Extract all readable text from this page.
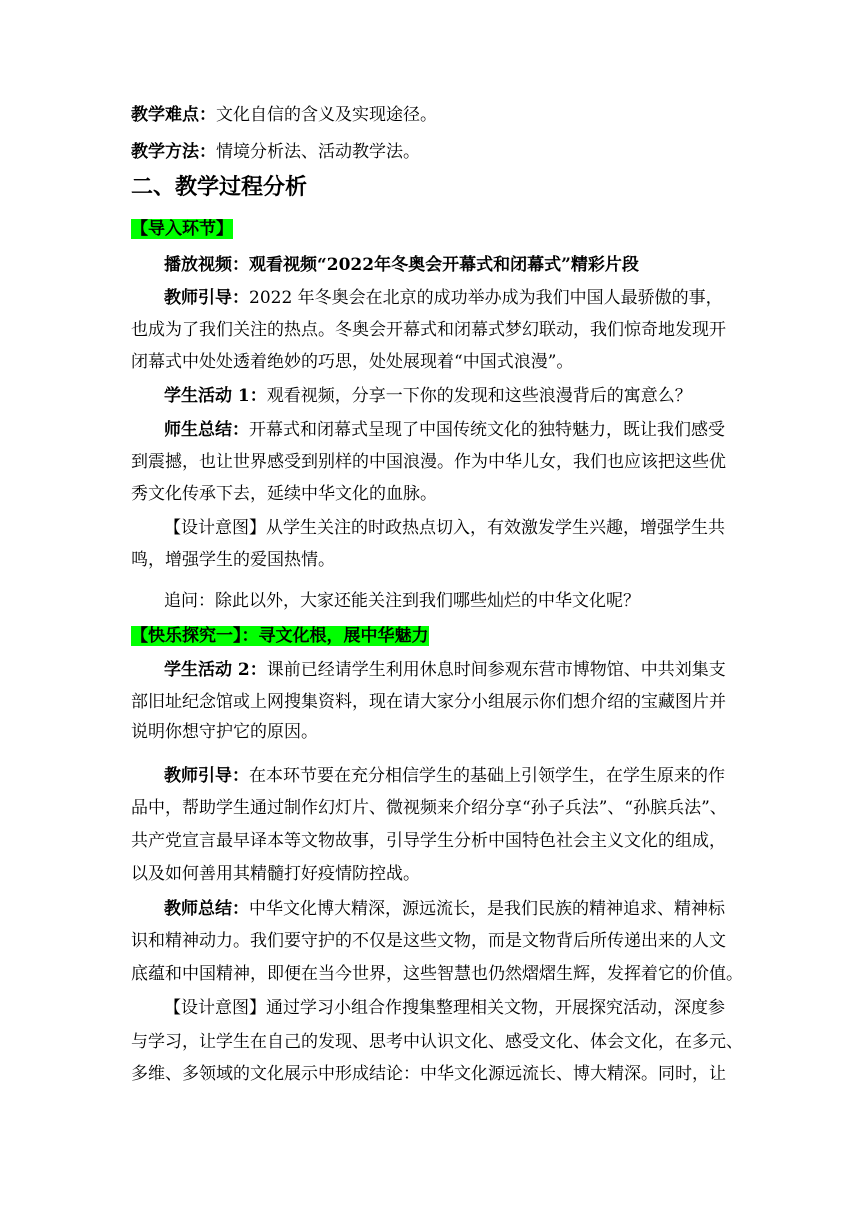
教学难点：文化自信的含义及实现途径。
教学方法：情境分析法、活动教学法。
二、教学过程分析
【导入环节】
播放视频：观看视频“2022年冬奥会开幕式和闭幕式”精彩片段
教师引导：2022 年冬奥会在北京的成功举办成为我们中国人最骄傲的事，
也成为了我们关注的热点。冬奥会开幕式和闭幕式梦幻联动，我们惊奇地发现开
闭幕式中处处透着绝妙的巧思，处处展现着“中国式浪漫”。
学生活动 1：观看视频，分享一下你的发现和这些浪漫背后的寓意么？
师生总结：开幕式和闭幕式呈现了中国传统文化的独特魅力，既让我们感受
到震撼，也让世界感受到别样的中国浪漫。作为中华儿女，我们也应该把这些优
秀文化传承下去，延续中华文化的血脉。
【设计意图】从学生关注的时政热点切入，有效激发学生兴趣，增强学生共
鸣，增强学生的爱国热情。
追问：除此以外，大家还能关注到我们哪些灿烂的中华文化呢？
【快乐探究一】：寻文化根，展中华魅力
学生活动 2：课前已经请学生利用休息时间参观东营市博物馆、中共刘集支
部旧址纪念馆或上网搜集资料，现在请大家分小组展示你们想介绍的宝藏图片并
说明你想守护它的原因。
教师引导：在本环节要在充分相信学生的基础上引领学生，在学生原来的作
品中，帮助学生通过制作幻灯片、微视频来介绍分享“孙子兵法”、“孙膑兵法”、
共产党宣言最早译本等文物故事，引导学生分析中国特色社会主义文化的组成，
以及如何善用其精髓打好疫情防控战。
教师总结：中华文化博大精深，源远流长，是我们民族的精神追求、精神标
识和精神动力。我们要守护的不仅是这些文物，而是文物背后所传递出来的人文
底蕴和中国精神，即便在当今世界，这些智慧也仍然熠熠生辉，发挥着它的价值。
【设计意图】通过学习小组合作搜集整理相关文物，开展探究活动，深度参
与学习，让学生在自己的发现、思考中认识文化、感受文化、体会文化，在多元、
多维、多领域的文化展示中形成结论：中华文化源远流长、博大精深。同时，让
